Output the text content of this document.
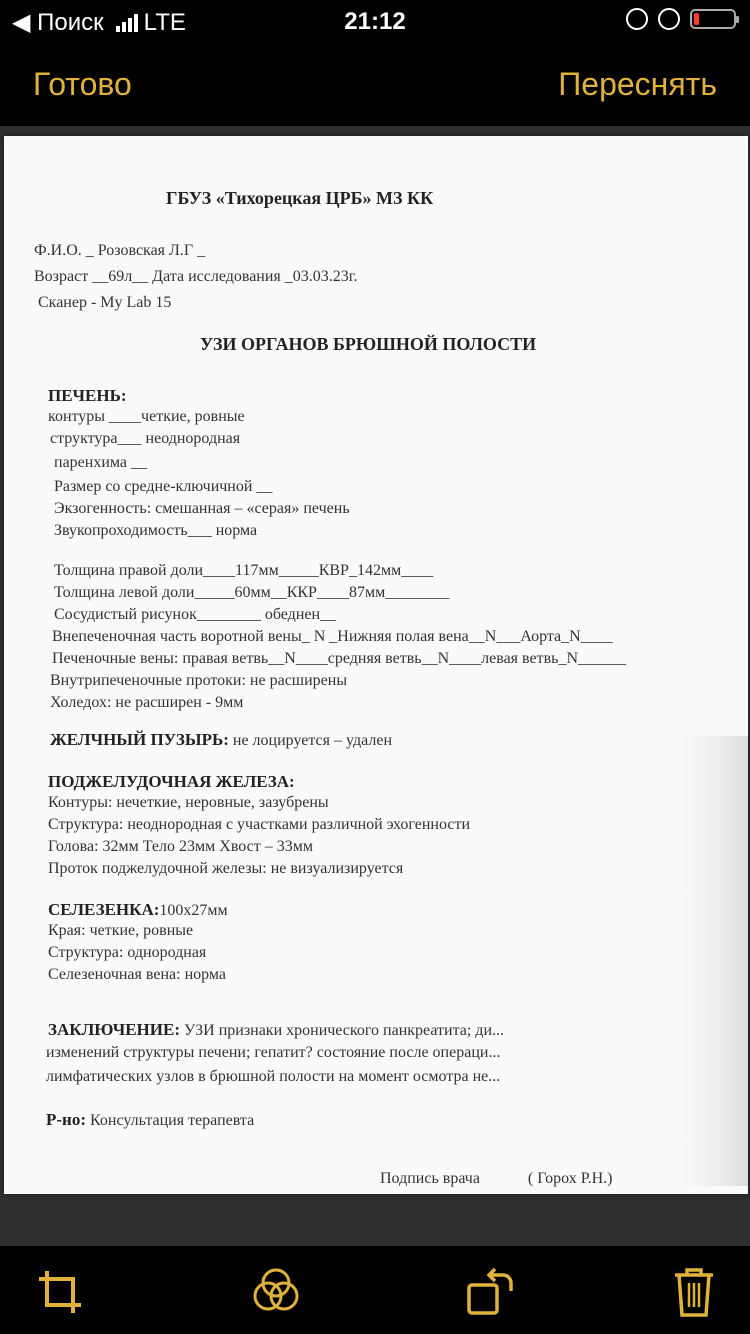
◀ Поиск LTE	21:12
Готово	Переснять
ГБУЗ «Тихорецкая ЦРБ» МЗ КК
Ф.И.О. _ Розовская Л.Г _
Возраст __69л__ Дата исследования _03.03.23г.
Сканер - My Lab 15
УЗИ ОРГАНОВ БРЮШНОЙ ПОЛОСТИ
ПЕЧЕНЬ:
контуры ____четкие, ровные
структура___ неоднородная
паренхима __
Размер со средне-ключичной __
Экзогенность: смешанная – «серая» печень
Звукопроходимость___ норма
Толщина правой доли____117мм_____КВР_142мм____
Толщина левой доли_____60мм__ККР____87мм________
Сосудистый рисунок________ обеднен__
Внепеченочная часть воротной вены_ N _Нижняя полая вена__N___Аорта_N____
Печеночные вены: правая ветвь__N____средняя ветвь__N____левая ветвь_N______
Внутрипеченочные протоки: не расширены
Холедох: не расширен - 9мм
ЖЕЛЧНЫЙ ПУЗЫРЬ: не лоцируется – удален
ПОДЖЕЛУДОЧНАЯ ЖЕЛЕЗА:
Контуры: нечеткие, неровные, зазубрены
Структура: неоднородная с участками различной эхогенности
Голова: 32мм Тело 23мм Хвост – 33мм
Проток поджелудочной железы: не визуализируется
СЕЛЕЗЕНКА:100х27мм
Края: четкие, ровные
Структура: однородная
Селезеночная вена: норма
ЗАКЛЮЧЕНИЕ: УЗИ признаки хронического панкреатита; ди...
изменений структуры печени; гепатит? состояние после операци...
лимфатических узлов в брюшной полости на момент осмотра не...
Р-но: Консультация терапевта
Подпись врача	( Горох Р.Н.)
